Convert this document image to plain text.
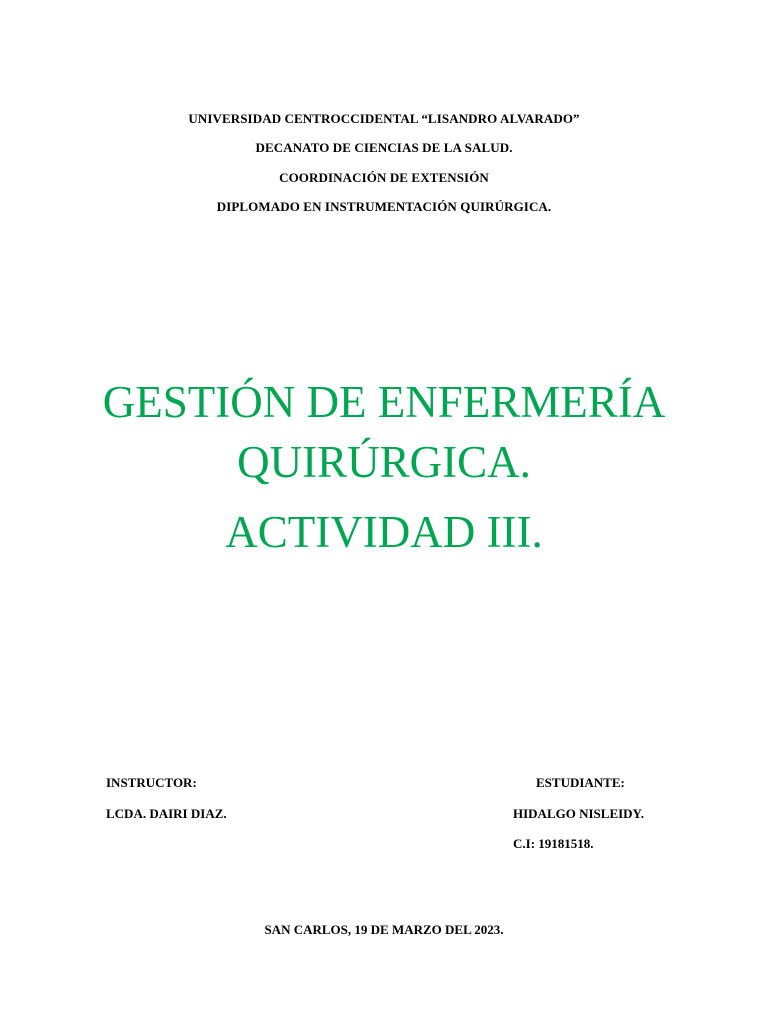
UNIVERSIDAD CENTROCCIDENTAL “LISANDRO ALVARADO”
DECANATO DE CIENCIAS DE LA SALUD.
COORDINACIÓN DE EXTENSIÓN
DIPLOMADO EN INSTRUMENTACIÓN QUIRÚRGICA.
GESTIÓN DE ENFERMERÍA
QUIRÚRGICA.
ACTIVIDAD III.
INSTRUCTOR:
LCDA. DAIRI DIAZ.
ESTUDIANTE:
HIDALGO NISLEIDY.
C.I: 19181518.
SAN CARLOS, 19 DE MARZO DEL 2023.
